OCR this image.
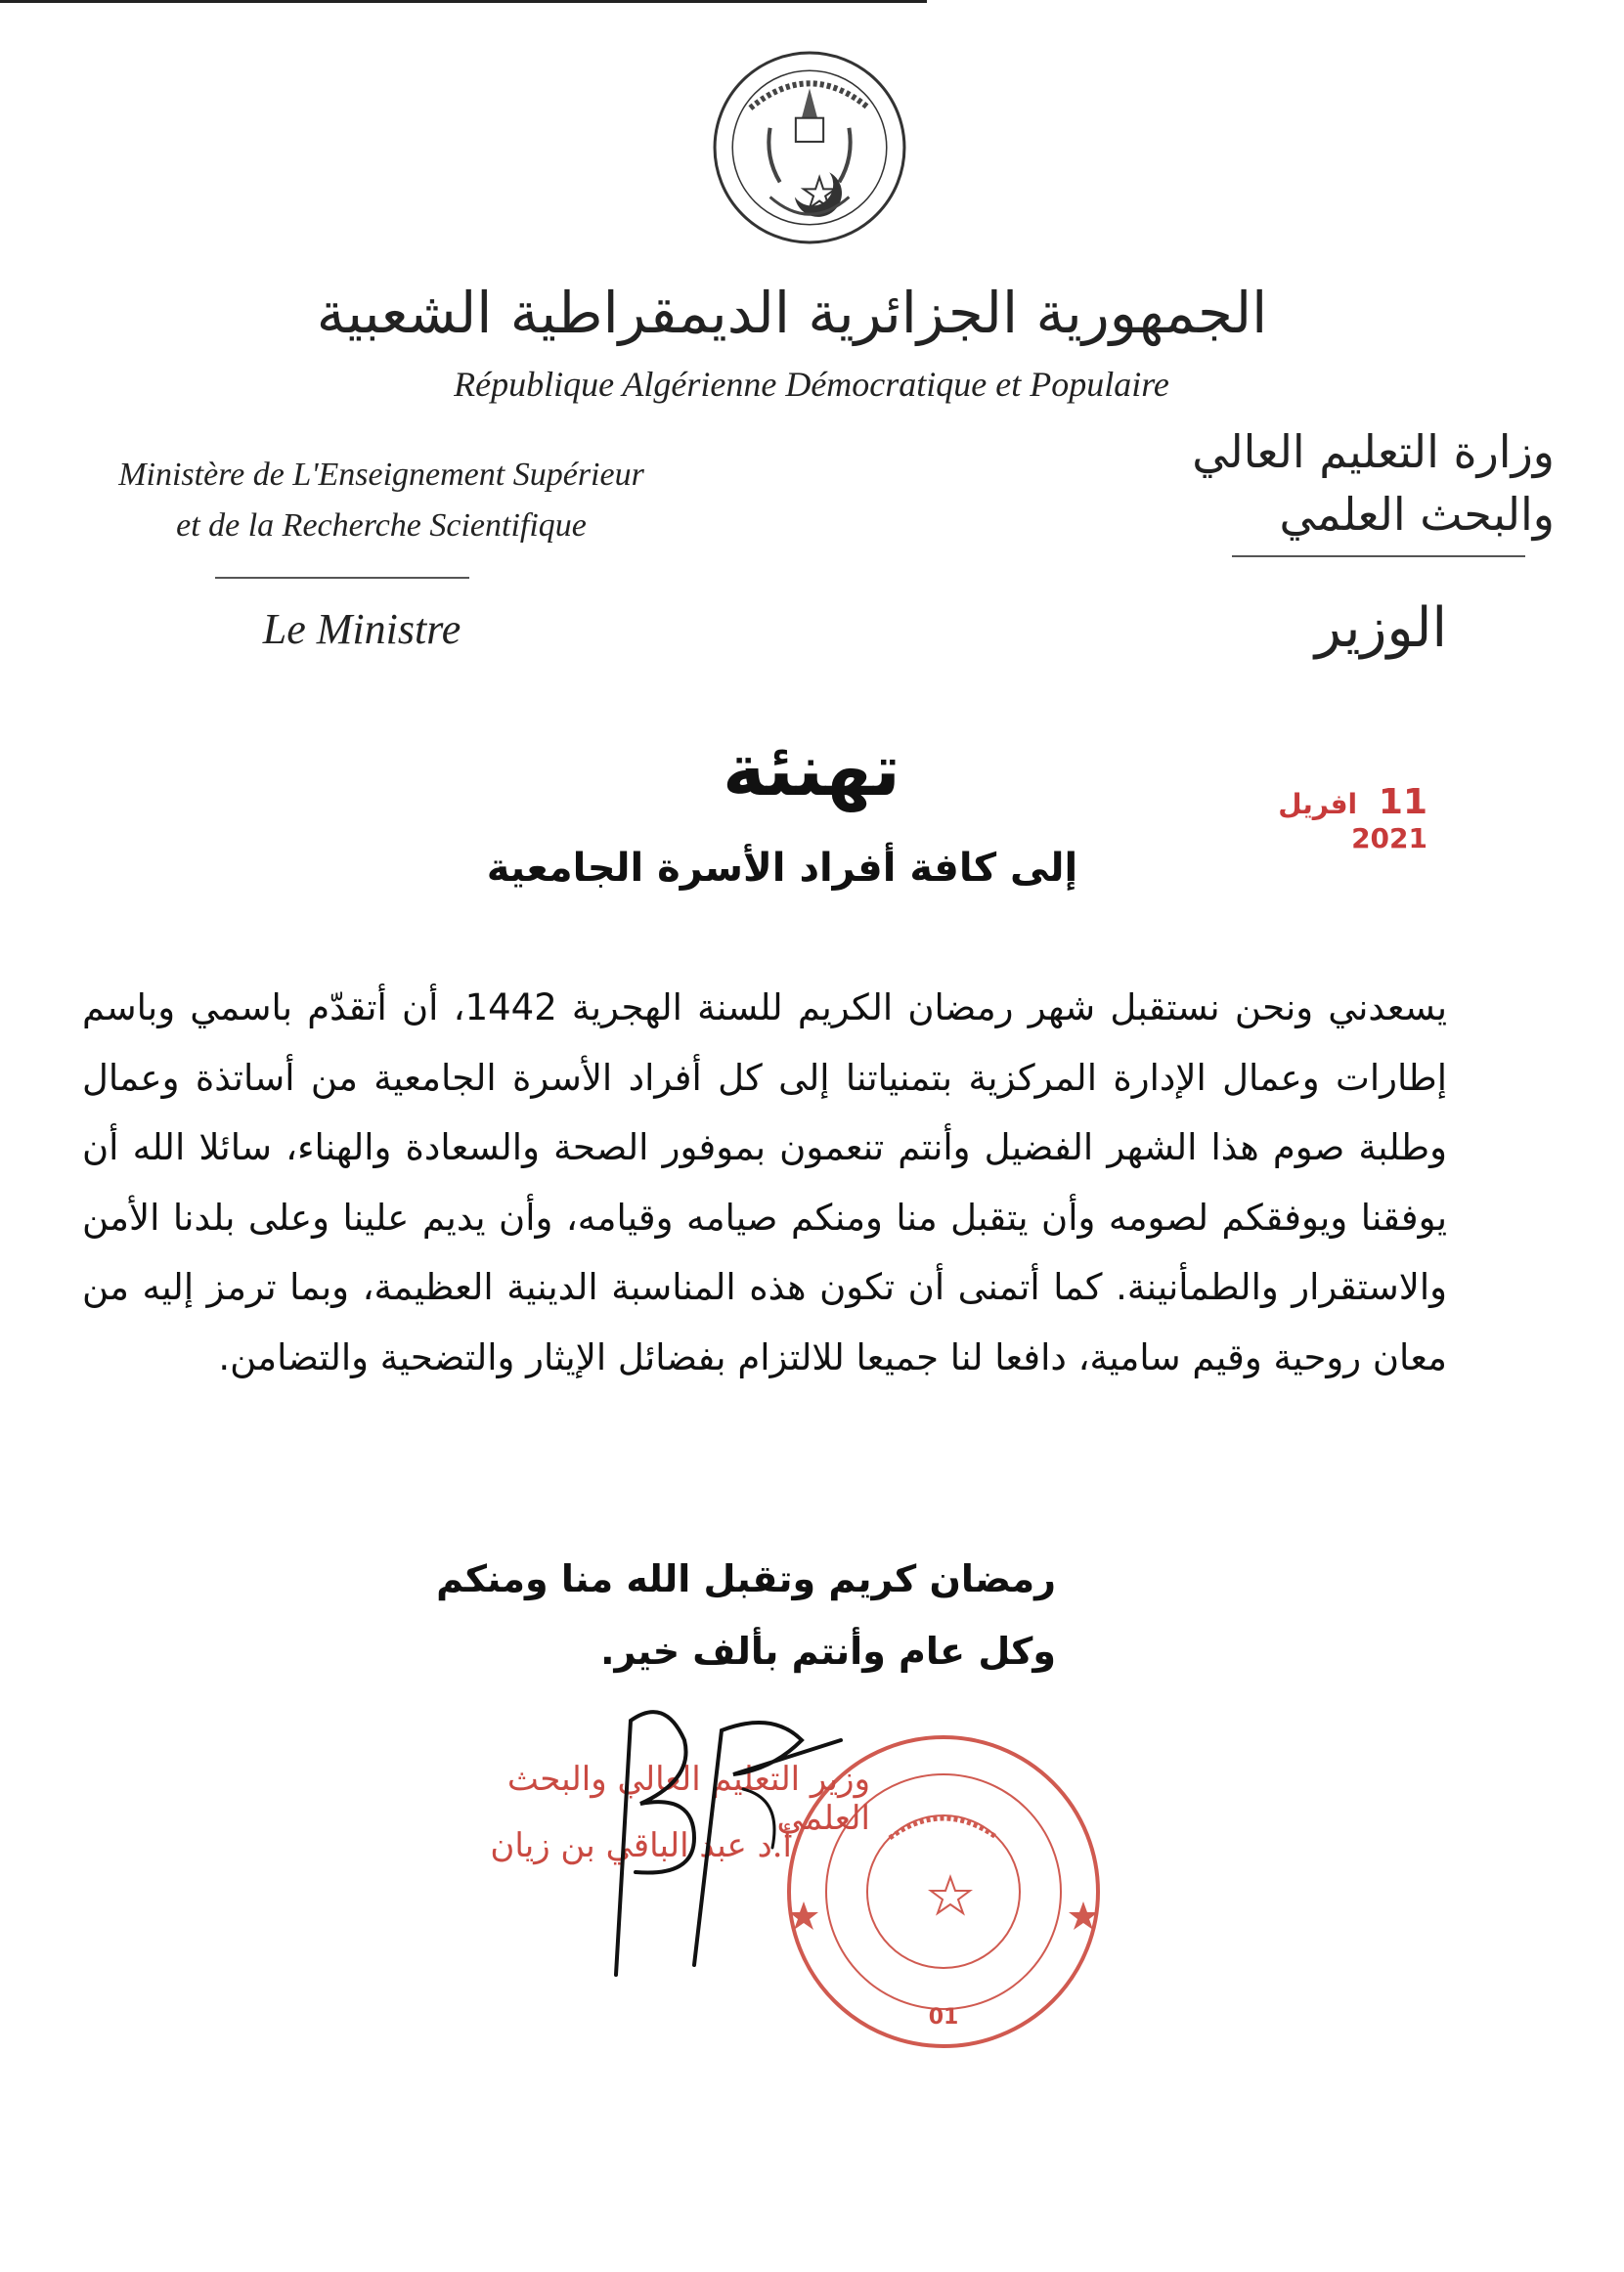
الجمهورية الجزائرية الديمقراطية الشعبية
République Algérienne Démocratique et Populaire
Ministère de L'Enseignement Supérieur
et de la Recherche Scientifique
وزارة التعليم العالي
والبحث العلمي
Le Ministre	الوزير
تهنئة	11 افريل 2021
إلى كافة أفراد الأسرة الجامعية
يسعدني ونحن نستقبل شهر رمضان الكريم للسنة الهجرية 1442، أن أتقدّم باسمي وباسم إطارات وعمال الإدارة المركزية بتمنياتنا إلى كل أفراد الأسرة الجامعية من أساتذة وعمال وطلبة صوم هذا الشهر الفضيل وأنتم تنعمون بموفور الصحة والسعادة والهناء، سائلا الله أن يوفقنا ويوفقكم لصومه وأن يتقبل منا ومنكم صيامه وقيامه، وأن يديم علينا وعلى بلدنا الأمن والاستقرار والطمأنينة. كما أتمنى أن تكون هذه المناسبة الدينية العظيمة، وبما ترمز إليه من معان روحية وقيم سامية، دافعا لنا جميعا للالتزام بفضائل الإيثار والتضحية والتضامن.
رمضان كريم وتقبل الله منا ومنكم
وكل عام وأنتم بألف خير.
01
وزير التعليم العالي والبحث العلمي
أ.د عبد الباقي بن زيان
